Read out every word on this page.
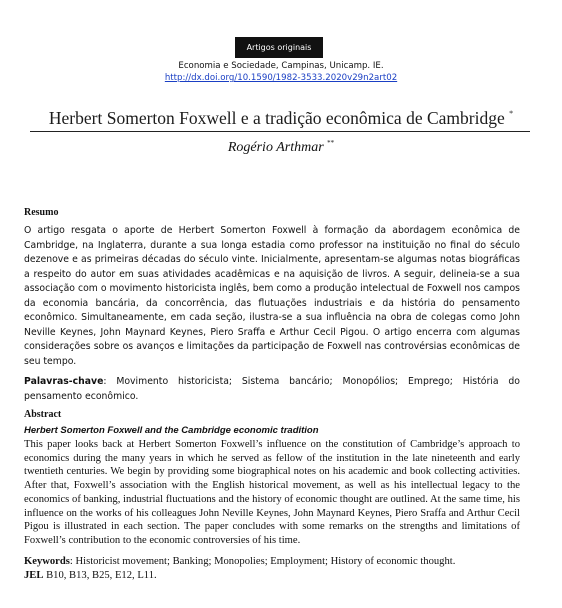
Artigos originais
Economia e Sociedade, Campinas, Unicamp. IE.
http://dx.doi.org/10.1590/1982-3533.2020v29n2art02
Herbert Somerton Foxwell e a tradição econômica de Cambridge *
Rogério Arthmar **
Resumo

O artigo resgata o aporte de Herbert Somerton Foxwell à formação da abordagem econômica de Cambridge, na Inglaterra, durante a sua longa estadia como professor na instituição no final do século dezenove e as primeiras décadas do século vinte. Inicialmente, apresentam-se algumas notas biográficas a respeito do autor em suas atividades acadêmicas e na aquisição de livros. A seguir, delineia-se a sua associação com o movimento historicista inglês, bem como a produção intelectual de Foxwell nos campos da economia bancária, da concorrência, das flutuações industriais e da história do pensamento econômico. Simultaneamente, em cada seção, ilustra-se a sua influência na obra de colegas como John Neville Keynes, John Maynard Keynes, Piero Sraffa e Arthur Cecil Pigou. O artigo encerra com algumas considerações sobre os avanços e limitações da participação de Foxwell nas controvérsias econômicas de seu tempo.

Palavras-chave: Movimento historicista; Sistema bancário; Monopólios; Emprego; História do pensamento econômico.

Abstract
Herbert Somerton Foxwell and the Cambridge economic tradition

This paper looks back at Herbert Somerton Foxwell’s influence on the constitution of Cambridge’s approach to economics during the many years in which he served as fellow of the institution in the late nineteenth and early twentieth centuries. We begin by providing some biographical notes on his academic and book collecting activities. After that, Foxwell’s association with the English historical movement, as well as his intellectual legacy to the economics of banking, industrial fluctuations and the history of economic thought are outlined. At the same time, his influence on the works of his colleagues John Neville Keynes, John Maynard Keynes, Piero Sraffa and Arthur Cecil Pigou is illustrated in each section. The paper concludes with some remarks on the strengths and limitations of Foxwell’s contribution to the economic controversies of his time.

Keywords: Historicist movement; Banking; Monopolies; Employment; History of economic thought.

JEL B10, B13, B25, E12, L11.
